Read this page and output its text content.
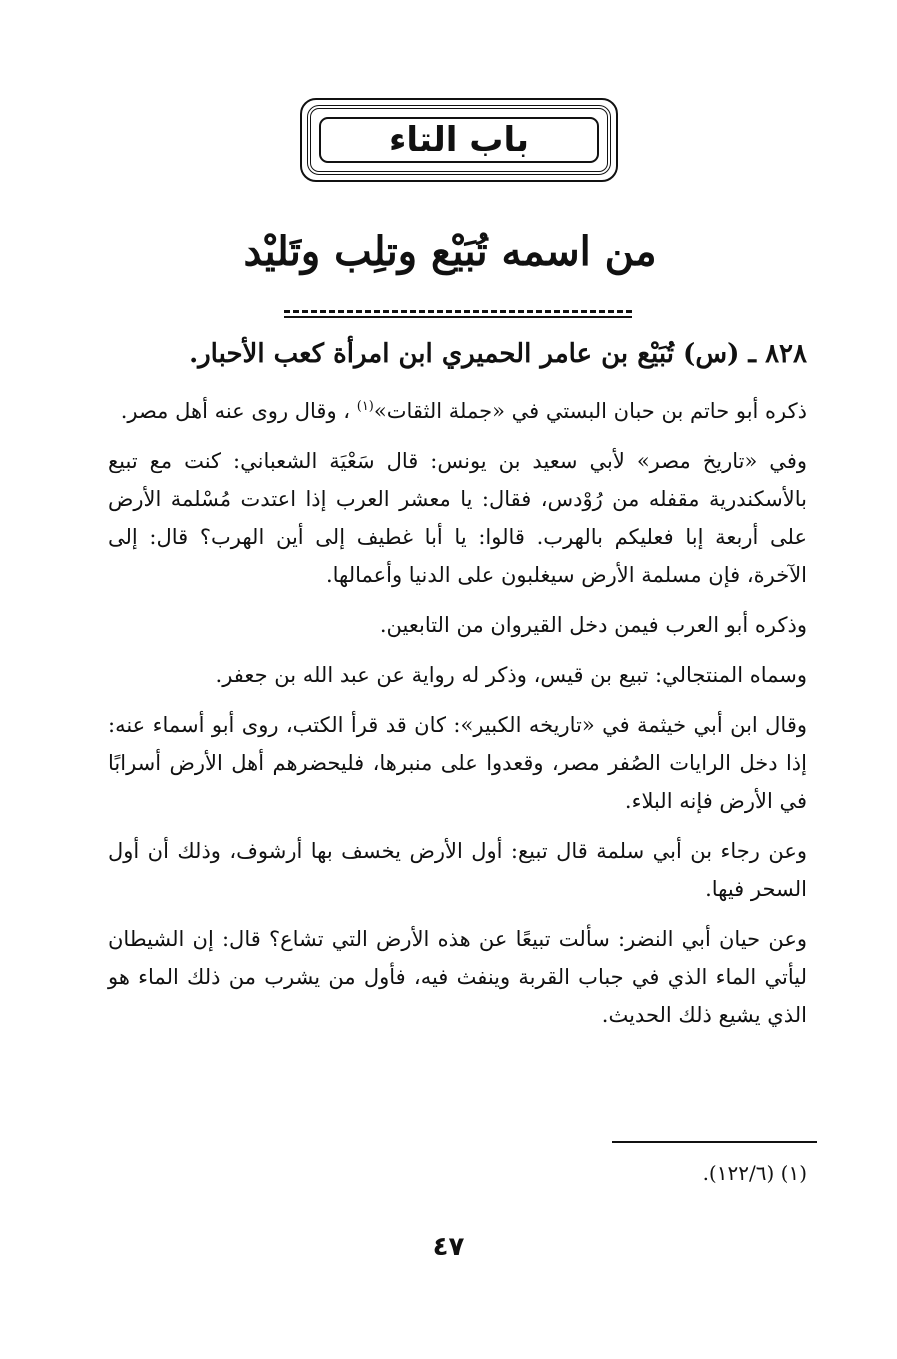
باب التاء
من اسمه تُبَيْع وتلِب وتَليْد
٨٢٨ ـ (س) تُبَيْع بن عامر الحميري ابن امرأة كعب الأحبار.

ذكره أبو حاتم بن حبان البستي في «جملة الثقات»$^{(١)}$ ، وقال روى عنه أهل مصر.

وفي «تاريخ مصر» لأبي سعيد بن يونس: قال سَعْيَة الشعباني: كنت مع تبيع بالأسكندرية مقفله من رُوْدس، فقال: يا معشر العرب إذا اعتدت مُسْلمة الأرض على أربعة إبا فعليكم بالهرب. قالوا: يا أبا غطيف إلى أين الهرب؟ قال: إلى الآخرة، فإن مسلمة الأرض سيغلبون على الدنيا وأعمالها.

وذكره أبو العرب فيمن دخل القيروان من التابعين.

وسماه المنتجالي: تبيع بن قيس، وذكر له رواية عن عبد الله بن جعفر.

وقال ابن أبي خيثمة في «تاريخه الكبير»: كان قد قرأ الكتب، روى أبو أسماء عنه: إذا دخل الرايات الصُفر مصر، وقعدوا على منبرها، فليحضرهم أهل الأرض أسرابًا في الأرض فإنه البلاء.

وعن رجاء بن أبي سلمة قال تبيع: أول الأرض يخسف بها أرشوف، وذلك أن أول السحر فيها.

وعن حيان أبي النضر: سألت تبيعًا عن هذه الأرض التي تشاع؟ قال: إن الشيطان ليأتي الماء الذي في جباب القربة وينفث فيه، فأول من يشرب من ذلك الماء هو الذي يشيع ذلك الحديث.

(١) (١٢٢/٦).
٤٧
